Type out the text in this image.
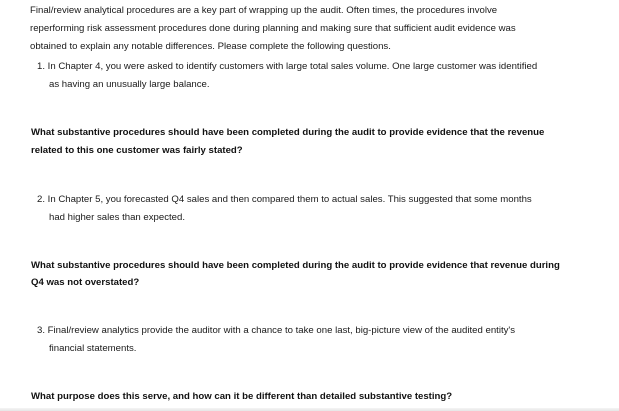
Final/review analytical procedures are a key part of wrapping up the audit. Often times, the procedures involve

reperforming risk assessment procedures done during planning and making sure that sufficient audit evidence was

obtained to explain any notable differences. Please complete the following questions.

1. In Chapter 4, you were asked to identify customers with large total sales volume. One large customer was identified

as having an unusually large balance.

What substantive procedures should have been completed during the audit to provide evidence that the revenue

related to this one customer was fairly stated?

2. In Chapter 5, you forecasted Q4 sales and then compared them to actual sales. This suggested that some months

had higher sales than expected.

What substantive procedures should have been completed during the audit to provide evidence that revenue during

Q4 was not overstated?

3. Final/review analytics provide the auditor with a chance to take one last, big-picture view of the audited entity's

financial statements.

What purpose does this serve, and how can it be different than detailed substantive testing?
